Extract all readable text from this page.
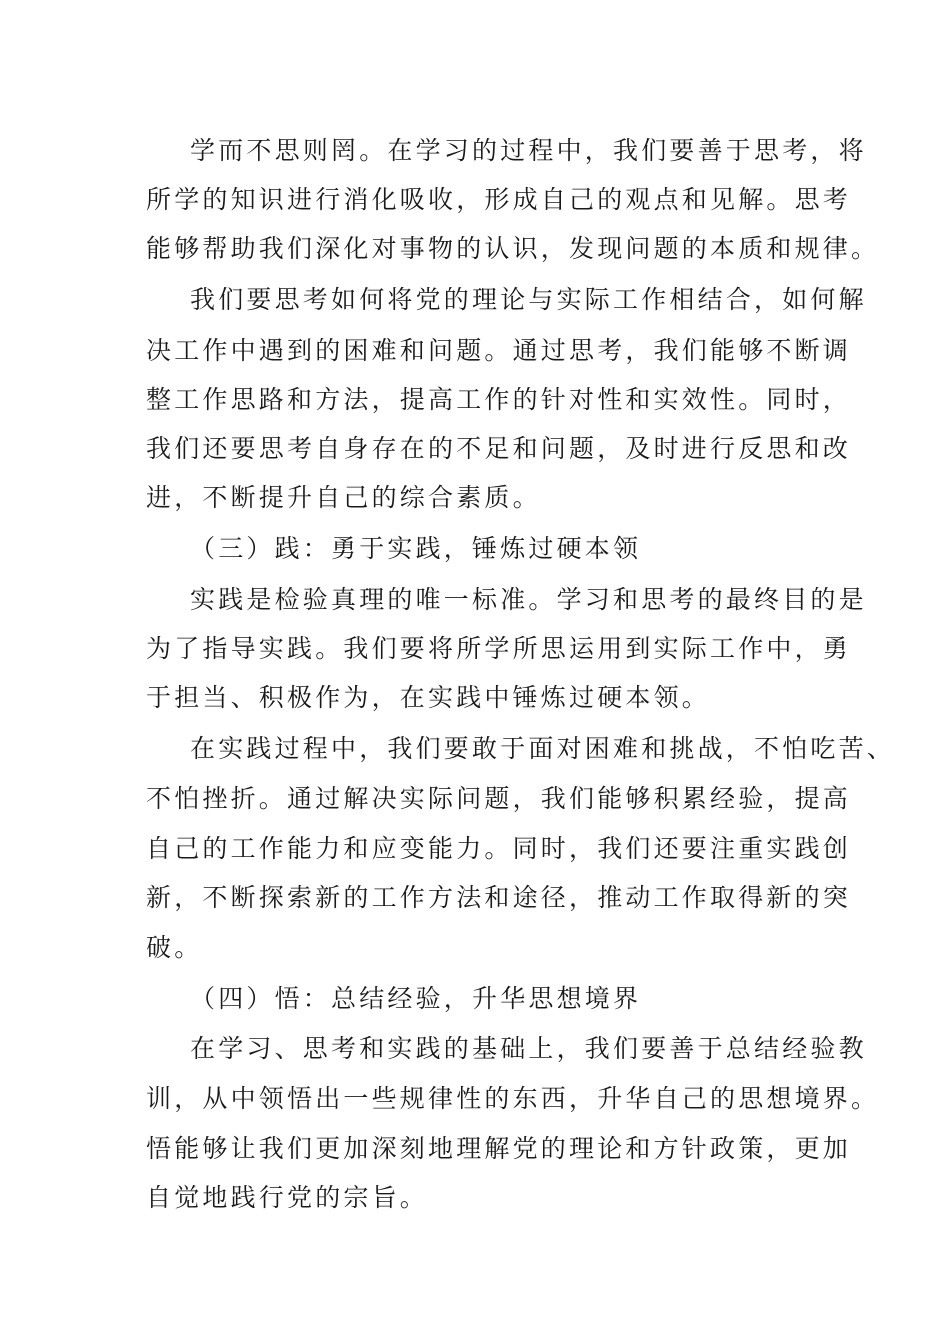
学而不思则罔。在学习的过程中，我们要善于思考，将
所学的知识进行消化吸收，形成自己的观点和见解。思考
能够帮助我们深化对事物的认识，发现问题的本质和规律。
我们要思考如何将党的理论与实际工作相结合，如何解
决工作中遇到的困难和问题。通过思考，我们能够不断调
整工作思路和方法，提高工作的针对性和实效性。同时，
我们还要思考自身存在的不足和问题，及时进行反思和改
进，不断提升自己的综合素质。
（三）践：勇于实践，锤炼过硬本领
实践是检验真理的唯一标准。学习和思考的最终目的是
为了指导实践。我们要将所学所思运用到实际工作中，勇
于担当、积极作为，在实践中锤炼过硬本领。
在实践过程中，我们要敢于面对困难和挑战，不怕吃苦、
不怕挫折。通过解决实际问题，我们能够积累经验，提高
自己的工作能力和应变能力。同时，我们还要注重实践创
新，不断探索新的工作方法和途径，推动工作取得新的突
破。
（四）悟：总结经验，升华思想境界
在学习、思考和实践的基础上，我们要善于总结经验教
训，从中领悟出一些规律性的东西，升华自己的思想境界。
悟能够让我们更加深刻地理解党的理论和方针政策，更加
自觉地践行党的宗旨。
